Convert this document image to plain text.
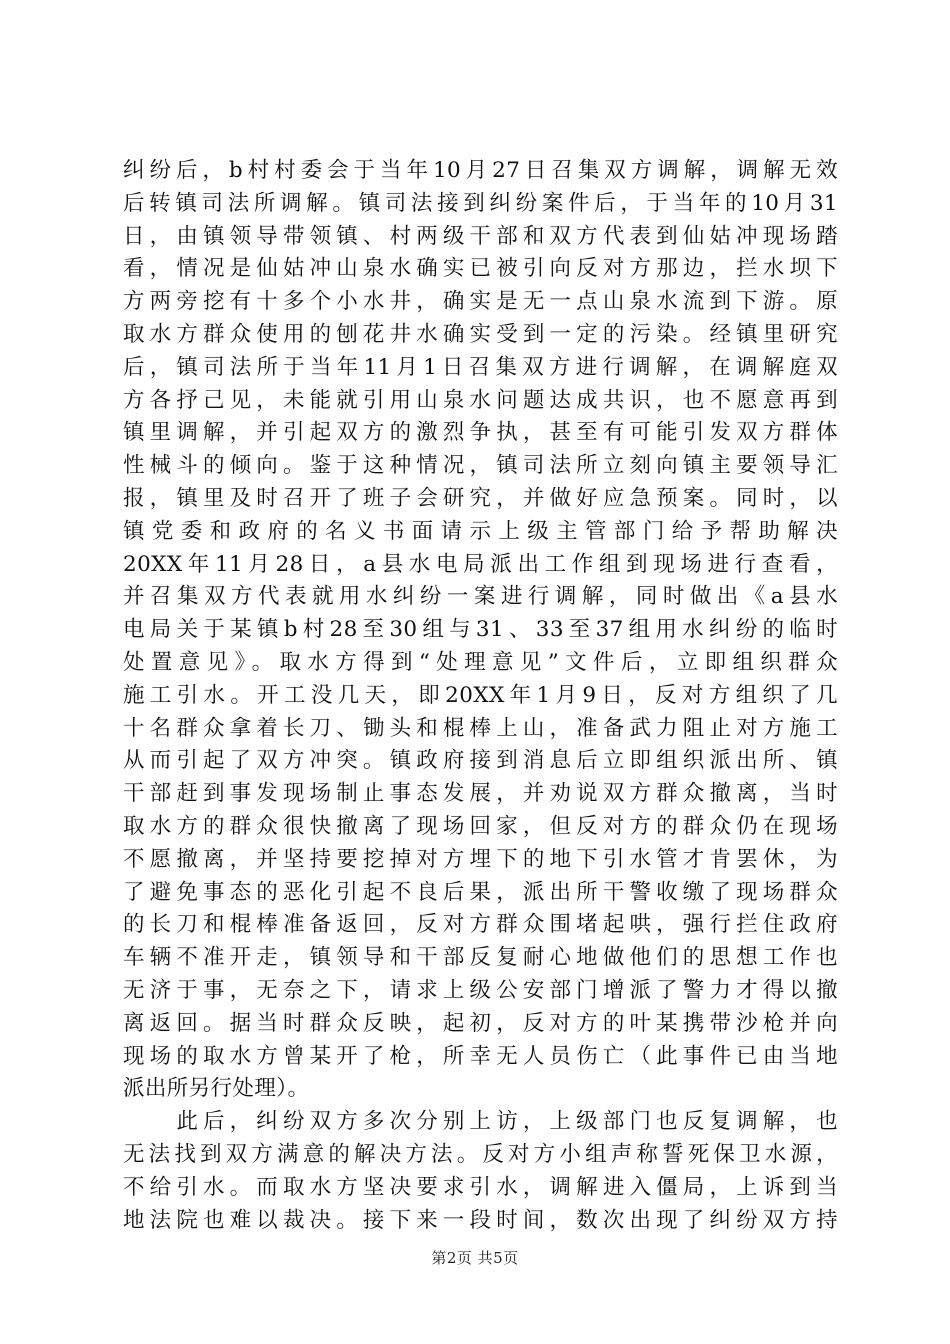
纠纷后，b村村委会于当年10月27日召集双方调解，调解无效
后转镇司法所调解。镇司法接到纠纷案件后，于当年的10月31
日，由镇领导带领镇、村两级干部和双方代表到仙姑冲现场踏
看，情况是仙姑冲山泉水确实已被引向反对方那边，拦水坝下
方两旁挖有十多个小水井，确实是无一点山泉水流到下游。原
取水方群众使用的刨花井水确实受到一定的污染。经镇里研究
后，镇司法所于当年11月1日召集双方进行调解，在调解庭双
方各抒己见，未能就引用山泉水问题达成共识，也不愿意再到
镇里调解，并引起双方的激烈争执，甚至有可能引发双方群体
性械斗的倾向。鉴于这种情况，镇司法所立刻向镇主要领导汇
报，镇里及时召开了班子会研究，并做好应急预案。同时，以
镇党委和政府的名义书面请示上级主管部门给予帮助解决
20XX年11月28日，a县水电局派出工作组到现场进行查看，
并召集双方代表就用水纠纷一案进行调解，同时做出《a县水
电局关于某镇b村28至30组与31、33至37组用水纠纷的临时
处置意见》。取水方得到“处理意见”文件后，立即组织群众
施工引水。开工没几天，即20XX年1月9日，反对方组织了几
十名群众拿着长刀、锄头和棍棒上山，准备武力阻止对方施工
从而引起了双方冲突。镇政府接到消息后立即组织派出所、镇
干部赶到事发现场制止事态发展，并劝说双方群众撤离，当时
取水方的群众很快撤离了现场回家，但反对方的群众仍在现场
不愿撤离，并坚持要挖掉对方埋下的地下引水管才肯罢休，为
了避免事态的恶化引起不良后果，派出所干警收缴了现场群众
的长刀和棍棒准备返回，反对方群众围堵起哄，强行拦住政府
车辆不准开走，镇领导和干部反复耐心地做他们的思想工作也
无济于事，无奈之下，请求上级公安部门增派了警力才得以撤
离返回。据当时群众反映，起初，反对方的叶某携带沙枪并向
现场的取水方曾某开了枪，所幸无人员伤亡（此事件已由当地
派出所另行处理）。
　　此后，纠纷双方多次分别上访，上级部门也反复调解，也
无法找到双方满意的解决方法。反对方小组声称誓死保卫水源，
不给引水。而取水方坚决要求引水，调解进入僵局，上诉到当
地法院也难以裁决。接下来一段时间，数次出现了纠纷双方持
第2页 共5页
